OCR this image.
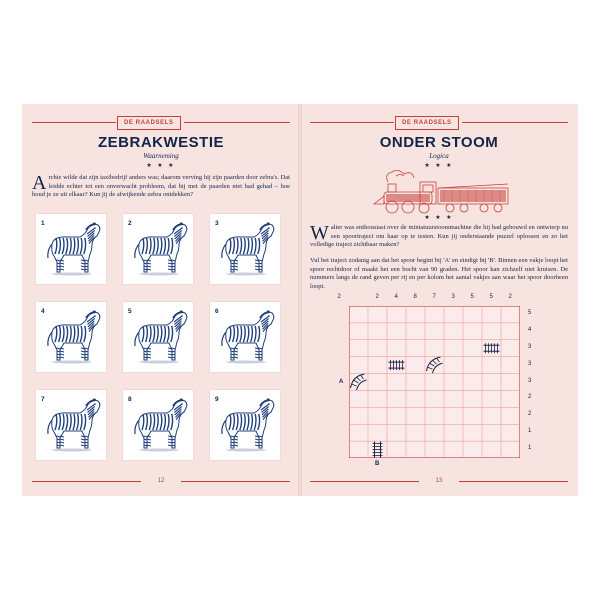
DE RAADSELS
ZEBRAKWESTIE
Waarneming
★ ★ ★

Archie wilde dat zijn taxibedrijf anders was; daarom verving hij zijn paarden door zebra's. Dat leidde echter tot een onverwacht probleem, dat hij met de paarden niet had gehad – hoe houd je ze uit elkaar? Kun jij de afwijkende zebra ontdekken?

1	2	3
4	5	6
7	8	9
12
DE RAADSELS
ONDER STOOM
Logica
★ ★ ★
★ ★ ★

Walter was enthousiast over de miniatuurstoommachine die hij had gebouwd en ontwierp nu een spoortraject om haar op te testen. Kun jij onderstaande puzzel oplossen en zo het volledige traject zichtbaar maken?

Vul het traject zodanig aan dat het spoor begint bij 'A' en eindigt bij 'B'. Binnen een vakje loopt het spoor rechtdoor of maakt het een bocht van 90 graden. Het spoor kan zichzelf niet kruisen. De nummers langs de rand geven per rij en per kolom het aantal vakjes aan waar het spoor doorheen loopt.

13
2	2	4	8	7	3	5	5	2
5
4
3
3
3
2
2
1
1
A
B
